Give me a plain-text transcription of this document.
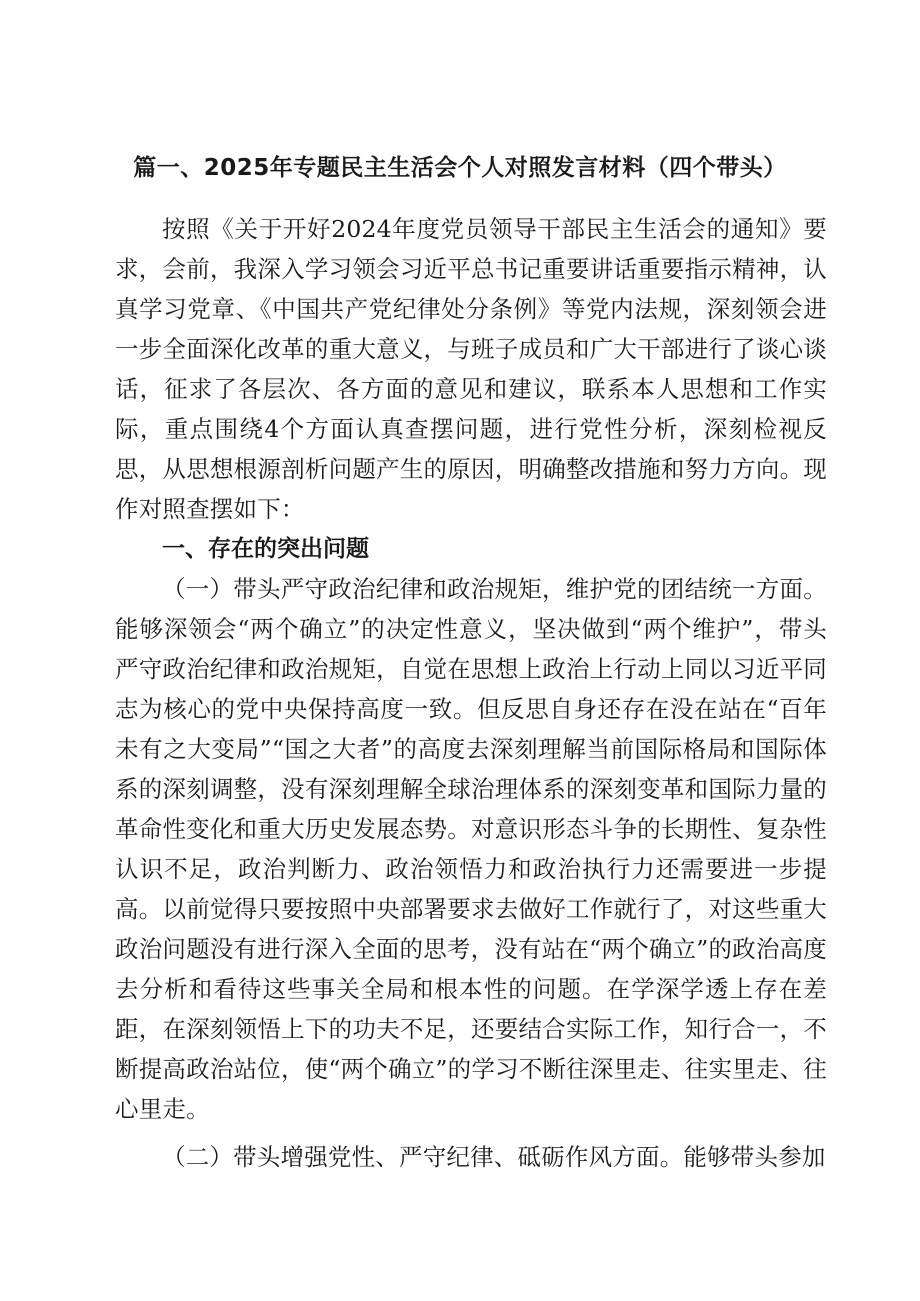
篇一、2025年专题民主生活会个人对照发言材料（四个带头）

按照《关于开好2024年度党员领导干部民主生活会的通知》要求，会前，我深入学习领会习近平总书记重要讲话重要指示精神，认真学习党章、《中国共产党纪律处分条例》等党内法规，深刻领会进一步全面深化改革的重大意义，与班子成员和广大干部进行了谈心谈话，征求了各层次、各方面的意见和建议，联系本人思想和工作实际，重点围绕4个方面认真查摆问题，进行党性分析，深刻检视反思，从思想根源剖析问题产生的原因，明确整改措施和努力方向。现作对照查摆如下：

一、存在的突出问题

（一）带头严守政治纪律和政治规矩，维护党的团结统一方面。能够深领会“两个确立”的决定性意义，坚决做到“两个维护”，带头严守政治纪律和政治规矩，自觉在思想上政治上行动上同以习近平同志为核心的党中央保持高度一致。但反思自身还存在没在站在“百年未有之大变局”“国之大者”的高度去深刻理解当前国际格局和国际体系的深刻调整，没有深刻理解全球治理体系的深刻变革和国际力量的革命性变化和重大历史发展态势。对意识形态斗争的长期性、复杂性认识不足，政治判断力、政治领悟力和政治执行力还需要进一步提高。以前觉得只要按照中央部署要求去做好工作就行了，对这些重大政治问题没有进行深入全面的思考，没有站在“两个确立”的政治高度去分析和看待这些事关全局和根本性的问题。在学深学透上存在差距，在深刻领悟上下的功夫不足，还要结合实际工作，知行合一，不断提高政治站位，使“两个确立”的学习不断往深里走、往实里走、往心里走。

（二）带头增强党性、严守纪律、砥砺作风方面。能够带头参加
